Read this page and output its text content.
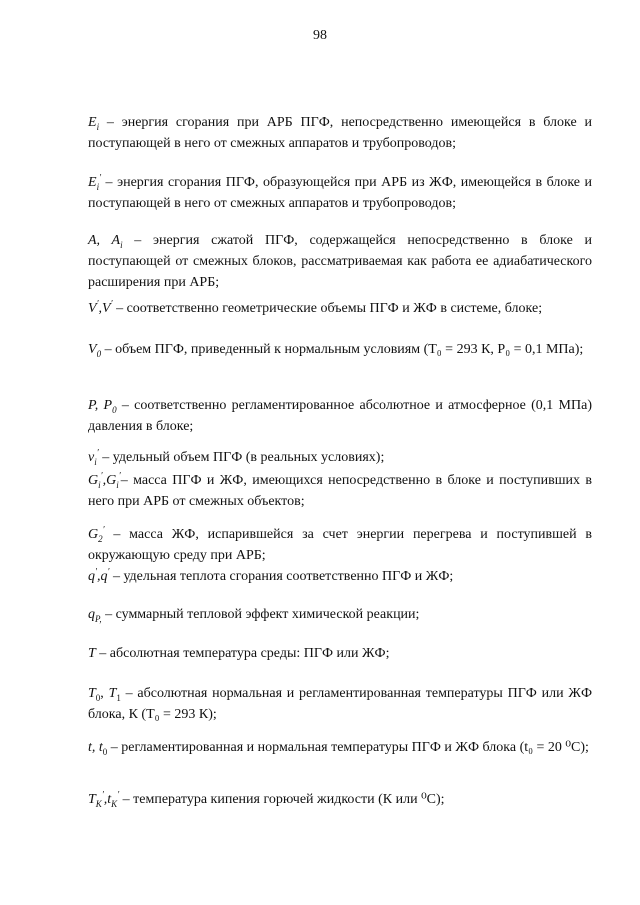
98

$E_i$ – энергия сгорания при АРБ ПГФ, непосредственно имеющейся в блоке и поступающей в него от смежных аппаратов и трубопроводов;

$E_i'$ – энергия сгорания ПГФ, образующейся при АРБ из ЖФ, имеющейся в блоке и поступающей в него от смежных аппаратов и трубопроводов;

A, $A_i$ – энергия сжатой ПГФ, содержащейся непосредственно в блоке и поступающей от смежных блоков, рассматриваемая как работа ее адиабатического расширения при АРБ;

V′,V′ – соответственно геометрические объемы ПГФ и ЖФ в системе, блоке;

$V_0$ – объем ПГФ, приведенный к нормальным условиям (T₀ = 293 К, P₀ = 0,1 МПа);

P, $P_0$ – соответственно регламентированное абсолютное и атмосферное (0,1 МПа) давления в блоке;

$v_i'$ – удельный объем ПГФ (в реальных условиях);

$G_i',G_i'-$ масса ПГФ и ЖФ, имеющихся непосредственно в блоке и поступивших в него при АРБ от смежных объектов;

$G_2'$ – масса ЖФ, испарившейся за счет энергии перегрева и поступившей в окружающую среду при АРБ;

q′,q′ – удельная теплота сгорания соответственно ПГФ и ЖФ;

$q_{P,}$ – суммарный тепловой эффект химической реакции;

T – абсолютная температура среды: ПГФ или ЖФ;

$T_0$, $T_1$ – абсолютная нормальная и регламентированная температуры ПГФ или ЖФ блока, К (T₀ = 293 К);

t, $t_0$ – регламентированная и нормальная температуры ПГФ и ЖФ блока (t₀ = 20 ⁰С);

$T_K',t_K'$ – температура кипения горючей жидкости (К или ⁰С);
